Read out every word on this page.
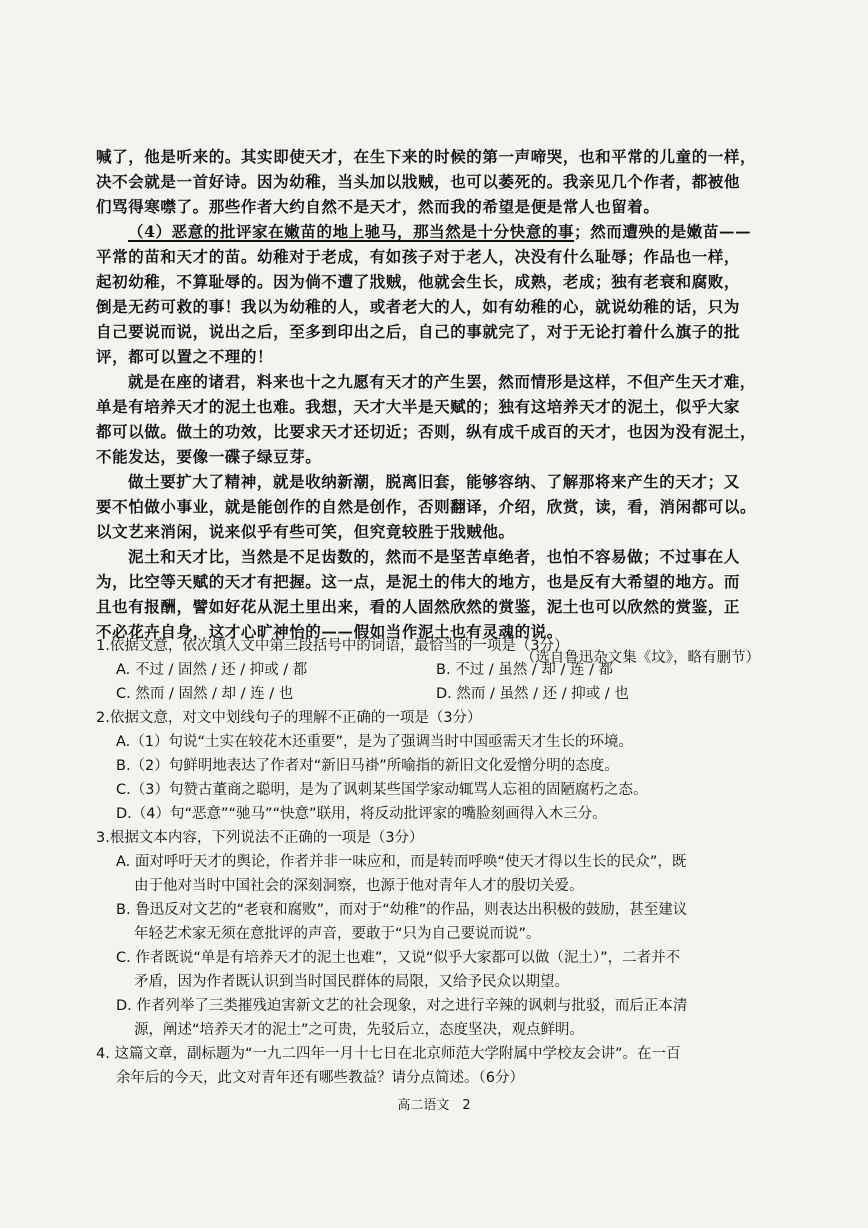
喊了，他是听来的。其实即使天才，在生下来的时候的第一声啼哭，也和平常的儿童的一样，
决不会就是一首好诗。因为幼稚，当头加以戕贼，也可以萎死的。我亲见几个作者，都被他
们骂得寒噤了。那些作者大约自然不是天才，然而我的希望是便是常人也留着。
（4）恶意的批评家在嫩苗的地上驰马，那当然是十分快意的事；然而遭殃的是嫩苗——
平常的苗和天才的苗。幼稚对于老成，有如孩子对于老人，决没有什么耻辱；作品也一样，
起初幼稚，不算耻辱的。因为倘不遭了戕贼，他就会生长，成熟，老成；独有老衰和腐败，
倒是无药可救的事！我以为幼稚的人，或者老大的人，如有幼稚的心，就说幼稚的话，只为
自己要说而说，说出之后，至多到印出之后，自己的事就完了，对于无论打着什么旗子的批
评，都可以置之不理的！
就是在座的诸君，料来也十之九愿有天才的产生罢，然而情形是这样，不但产生天才难，
单是有培养天才的泥土也难。我想，天才大半是天赋的；独有这培养天才的泥土，似乎大家
都可以做。做土的功效，比要求天才还切近；否则，纵有成千成百的天才，也因为没有泥土，
不能发达，要像一碟子绿豆芽。
做土要扩大了精神，就是收纳新潮，脱离旧套，能够容纳、了解那将来产生的天才；又
要不怕做小事业，就是能创作的自然是创作，否则翻译，介绍，欣赏，读，看，消闲都可以。
以文艺来消闲，说来似乎有些可笑，但究竟较胜于戕贼他。
泥土和天才比，当然是不足齿数的，然而不是坚苦卓绝者，也怕不容易做；不过事在人
为，比空等天赋的天才有把握。这一点，是泥土的伟大的地方，也是反有大希望的地方。而
且也有报酬，譬如好花从泥土里出来，看的人固然欣然的赏鉴，泥土也可以欣然的赏鉴，正
不必花卉自身，这才心旷神怡的——假如当作泥土也有灵魂的说。
（选自鲁迅杂文集《坟》，略有删节）
1.依据文意，依次填入文中第三段括号中的词语，最恰当的一项是（3分）
A. 不过 / 固然 / 还 / 抑或 / 都	B. 不过 / 虽然 / 却 / 连 / 都
C. 然而 / 固然 / 却 / 连 / 也	D. 然而 / 虽然 / 还 / 抑或 / 也
2.依据文意，对文中划线句子的理解不正确的一项是（3分）
A.（1）句说“土实在较花木还重要”，是为了强调当时中国亟需天才生长的环境。
B.（2）句鲜明地表达了作者对“新旧马褂”所喻指的新旧文化爱憎分明的态度。
C.（3）句赞古董商之聪明，是为了讽刺某些国学家动辄骂人忘祖的固陋腐朽之态。
D.（4）句“恶意”“驰马”“快意”联用，将反动批评家的嘴脸刻画得入木三分。
3.根据文本内容，下列说法不正确的一项是（3分）
A. 面对呼吁天才的舆论，作者并非一味应和，而是转而呼唤“使天才得以生长的民众”，既
由于他对当时中国社会的深刻洞察，也源于他对青年人才的殷切关爱。
B. 鲁迅反对文艺的“老衰和腐败”，而对于“幼稚”的作品，则表达出积极的鼓励，甚至建议
年轻艺术家无须在意批评的声音，要敢于“只为自己要说而说”。
C. 作者既说“单是有培养天才的泥土也难”，又说“似乎大家都可以做（泥土）”，二者并不
矛盾，因为作者既认识到当时国民群体的局限，又给予民众以期望。
D. 作者列举了三类摧残迫害新文艺的社会现象，对之进行辛辣的讽刺与批驳，而后正本清
源，阐述“培养天才的泥土”之可贵，先驳后立，态度坚决，观点鲜明。
4. 这篇文章，副标题为“一九二四年一月十七日在北京师范大学附属中学校友会讲”。在一百
余年后的今天，此文对青年还有哪些教益？请分点简述。（6分）
高二语文　2
